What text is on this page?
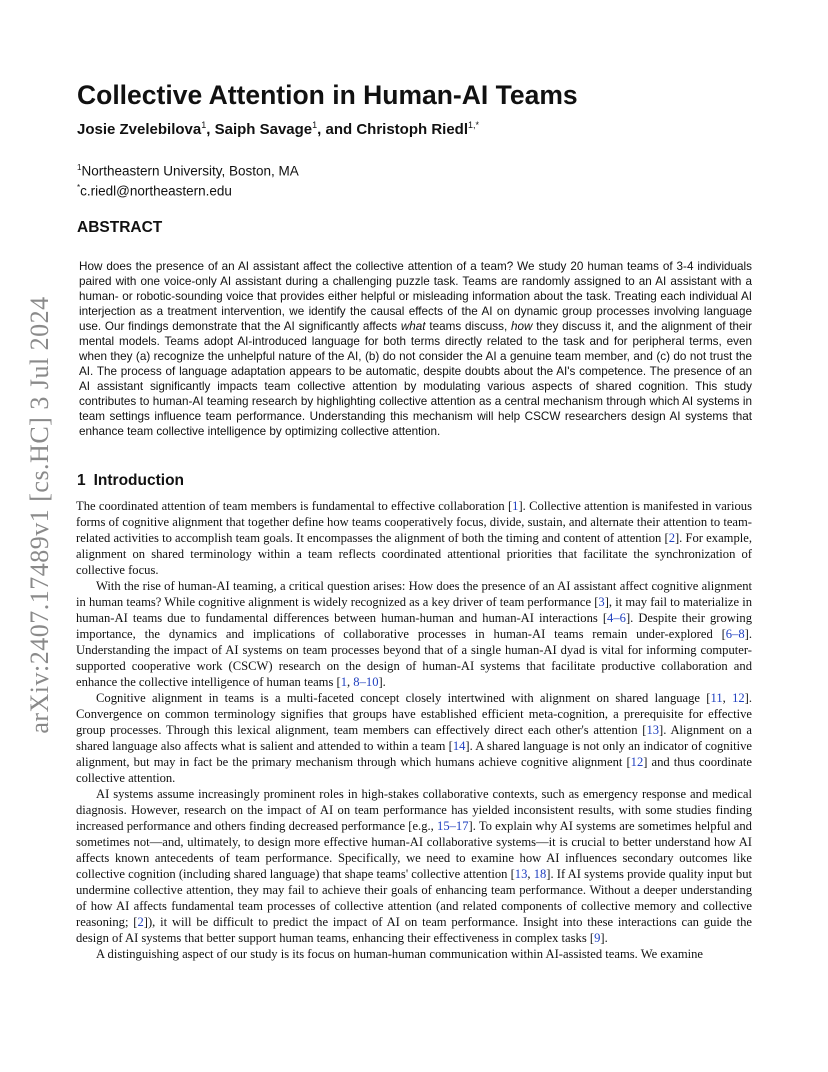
arXiv:2407.17489v1 [cs.HC] 3 Jul 2024
Collective Attention in Human-AI Teams
Josie Zvelebilova$^1$, Saiph Savage$^1$, and Christoph Riedl$^{1,*}$
$^1$Northeastern University, Boston, MA
*c.riedl@northeastern.edu
ABSTRACT
How does the presence of an AI assistant affect the collective attention of a team? We study 20 human teams of 3-4 individuals paired with one voice-only AI assistant during a challenging puzzle task. Teams are randomly assigned to an AI assistant with a human- or robotic-sounding voice that provides either helpful or misleading information about the task. Treating each individual AI interjection as a treatment intervention, we identify the causal effects of the AI on dynamic group processes involving language use. Our findings demonstrate that the AI significantly affects what teams discuss, how they discuss it, and the alignment of their mental models. Teams adopt AI-introduced language for both terms directly related to the task and for peripheral terms, even when they (a) recognize the unhelpful nature of the AI, (b) do not consider the AI a genuine team member, and (c) do not trust the AI. The process of language adaptation appears to be automatic, despite doubts about the AI's competence. The presence of an AI assistant significantly impacts team collective attention by modulating various aspects of shared cognition. This study contributes to human-AI teaming research by highlighting collective attention as a central mechanism through which AI systems in team settings influence team performance. Understanding this mechanism will help CSCW researchers design AI systems that enhance team collective intelligence by optimizing collective attention.
1 Introduction

The coordinated attention of team members is fundamental to effective collaboration [1]. Collective attention is manifested in various forms of cognitive alignment that together define how teams cooperatively focus, divide, sustain, and alternate their attention to team-related activities to accomplish team goals. It encompasses the alignment of both the timing and content of attention [2]. For example, alignment on shared terminology within a team reflects coordinated attentional priorities that facilitate the synchronization of collective focus.

With the rise of human-AI teaming, a critical question arises: How does the presence of an AI assistant affect cognitive alignment in human teams? While cognitive alignment is widely recognized as a key driver of team performance [3], it may fail to materialize in human-AI teams due to fundamental differences between human-human and human-AI interactions [4–6]. Despite their growing importance, the dynamics and implications of collaborative processes in human-AI teams remain under-explored [6–8]. Understanding the impact of AI systems on team processes beyond that of a single human-AI dyad is vital for informing computer-supported cooperative work (CSCW) research on the design of human-AI systems that facilitate productive collaboration and enhance the collective intelligence of human teams [1, 8–10].

Cognitive alignment in teams is a multi-faceted concept closely intertwined with alignment on shared language [11, 12]. Convergence on common terminology signifies that groups have established efficient meta-cognition, a prerequisite for effective group processes. Through this lexical alignment, team members can effectively direct each other's attention [13]. Alignment on a shared language also affects what is salient and attended to within a team [14]. A shared language is not only an indicator of cognitive alignment, but may in fact be the primary mechanism through which humans achieve cognitive alignment [12] and thus coordinate collective attention.

AI systems assume increasingly prominent roles in high-stakes collaborative contexts, such as emergency response and medical diagnosis. However, research on the impact of AI on team performance has yielded inconsistent results, with some studies finding increased performance and others finding decreased performance [e.g., 15–17]. To explain why AI systems are sometimes helpful and sometimes not—and, ultimately, to design more effective human-AI collaborative systems—it is crucial to better understand how AI affects known antecedents of team performance. Specifically, we need to examine how AI influences secondary outcomes like collective cognition (including shared language) that shape teams' collective attention [13, 18]. If AI systems provide quality input but undermine collective attention, they may fail to achieve their goals of enhancing team performance. Without a deeper understanding of how AI affects fundamental team processes of collective attention (and related components of collective memory and collective reasoning; [2]), it will be difficult to predict the impact of AI on team performance. Insight into these interactions can guide the design of AI systems that better support human teams, enhancing their effectiveness in complex tasks [9].

A distinguishing aspect of our study is its focus on human-human communication within AI-assisted teams. We examine
